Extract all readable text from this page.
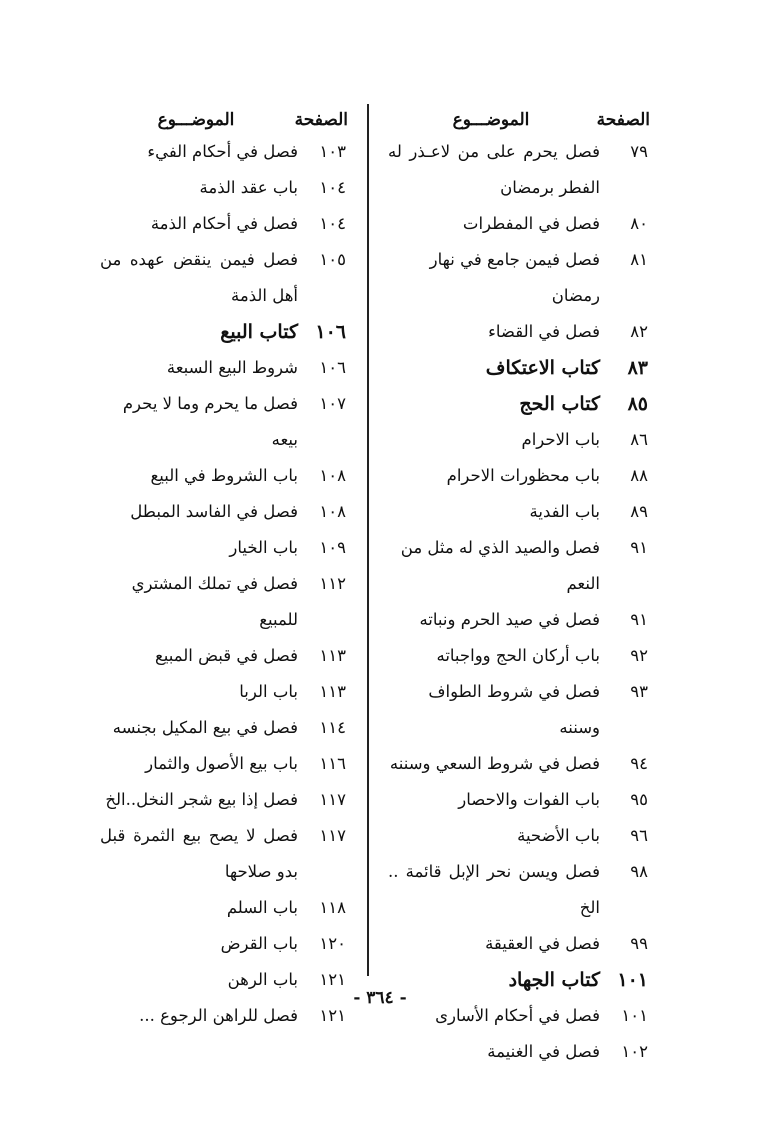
الصفحة
الموضـــوع
٧٩
فصل يحرم على من لاعـذر له الفطر برمضان
٨٠
فصل في المفطرات
٨١
فصل فيمن جامع في نهار رمضان
٨٢
فصل في القضاء
٨٣
كتاب الاعتكاف
٨٥
كتاب الحج
٨٦
باب الاحرام
٨٨
باب محظورات الاحرام
٨٩
باب الفدية
٩١
فصل والصيد الذي له مثل من النعم
٩١
فصل في صيد الحرم ونباته
٩٢
باب أركان الحج وواجباته
٩٣
فصل في شروط الطواف وسننه
٩٤
فصل في شروط السعي وسننه
٩٥
باب الفوات والاحصار
٩٦
باب الأضحية
٩٨
فصل ويسن نحر الإبل قائمة .. الخ
٩٩
فصل في العقيقة
١٠١
كتاب الجهاد
١٠١
فصل في أحكام الأسارى
١٠٢
فصل في الغنيمة
الصفحة
الموضـــوع
١٠٣
فصل في أحكام الفيء
١٠٤
باب عقد الذمة
١٠٤
فصل في أحكام الذمة
١٠٥
فصل فيمن ينقض عهده من أهل الذمة
١٠٦
كتاب البيع
١٠٦
شروط البيع السبعة
١٠٧
فصل ما يحرم وما لا يحرم بيعه
١٠٨
باب الشروط في البيع
١٠٨
فصل في الفاسد المبطل
١٠٩
باب الخيار
١١٢
فصل في تملك المشتري للمبيع
١١٣
فصل في قبض المبيع
١١٣
باب الربا
١١٤
فصل في بيع المكيل بجنسه
١١٦
باب بيع الأصول والثمار
١١٧
فصل إذا بيع شجر النخل..الخ
١١٧
فصل لا يصح بيع الثمرة قبل بدو صلاحها
١١٨
باب السلم
١٢٠
باب القرض
١٢١
باب الرهن
١٢١
فصل للراهن الرجوع ...
- ٣٦٤ -
